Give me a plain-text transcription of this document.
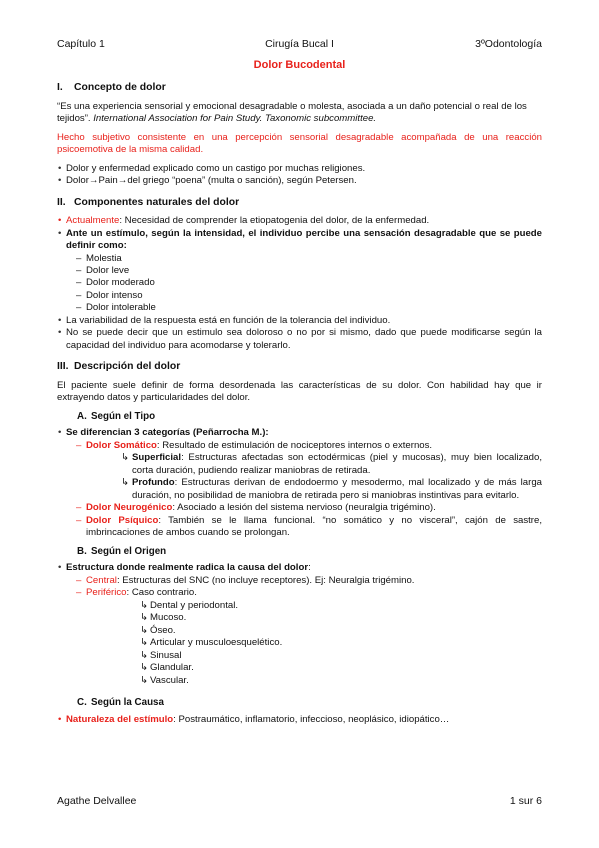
Capítulo 1	Cirugía Bucal I	3ºOdontología
Dolor Bucodental
I.	Concepto de dolor

“Es una experiencia sensorial y emocional desagradable o molesta, asociada a un daño potencial o real de los tejidos”. International Association for Pain Study. Taxonomic subcommittee.

Hecho subjetivo consistente en una percepción sensorial desagradable acompañada de una reacción psicoemotiva de la misma calidad.

• Dolor y enfermedad explicado como un castigo por muchas religiones.
• Dolor→Pain→del griego “poena” (multa o sanción), según Petersen.
II. Componentes naturales del dolor
• Actualmente: Necesidad de comprender la etiopatogenia del dolor, de la enfermedad.
• Ante un estímulo, según la intensidad, el individuo percibe una sensación desagradable que se puede definir como:
– Molestia
– Dolor leve
– Dolor moderado
– Dolor intenso
– Dolor intolerable
• La variabilidad de la respuesta está en función de la tolerancia del individuo.
• No se puede decir que un estimulo sea doloroso o no por si mismo, dado que puede modificarse según la capacidad del individuo para acomodarse y tolerarlo.
III. Descripción del dolor

El paciente suele definir de forma desordenada las características de su dolor. Con habilidad hay que ir extrayendo datos y particularidades del dolor.

A. Según el Tipo
• Se diferencian 3 categorías (Peñarrocha M.):
– Dolor Somático: Resultado de estimulación de nociceptores internos o externos.
↳ Superficial: Estructuras afectadas son ectodérmicas (piel y mucosas), muy bien localizado, corta duración, pudiendo realizar maniobras de retirada.
↳ Profundo: Estructuras derivan de endodoermo y mesodermo, mal localizado y de más larga duración, no posibilidad de maniobra de retirada pero si maniobras instintivas para evitarlo.
– Dolor Neurogénico: Asociado a lesión del sistema nervioso (neuralgia trigémino).
– Dolor Psíquico: También se le llama funcional. “no somático y no visceral”, cajón de sastre, imbrincaciones de ambos cuando se prolongan.
B. Según el Origen
• Estructura donde realmente radica la causa del dolor:
– Central: Estructuras del SNC (no incluye receptores). Ej: Neuralgia trigémino.
– Periférico: Caso contrario.
↳ Dental y periodontal.
↳ Mucoso.
↳ Óseo.
↳ Articular y musculoesquelético.
↳ Sinusal
↳ Glandular.
↳ Vascular.
C. Según la Causa
• Naturaleza del estímulo: Postraumático, inflamatorio, infeccioso, neoplásico, idiopático…
Agathe Delvallee	1 sur 6
